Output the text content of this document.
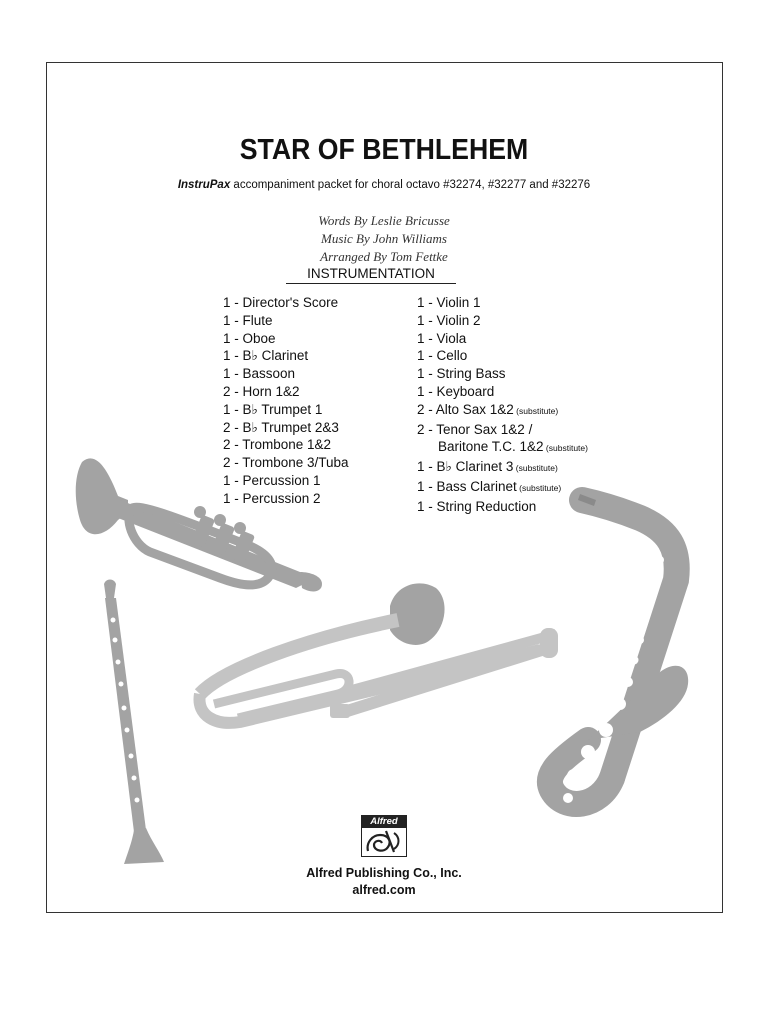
STAR OF BETHLEHEM
InstruPax accompaniment packet for choral octavo #32274, #32277 and #32276
Words By Leslie Bricusse
Music By John Williams
Arranged By Tom Fettke
INSTRUMENTATION
1 - Director's Score
1 - Flute
1 - Oboe
1 - B♭ Clarinet
1 - Bassoon
2 - Horn 1&2
1 - B♭ Trumpet 1
2 - B♭ Trumpet 2&3
2 - Trombone 1&2
2 - Trombone 3/Tuba
1 - Percussion 1
1 - Percussion 2
1 - Violin 1
1 - Violin 2
1 - Viola
1 - Cello
1 - String Bass
1 - Keyboard
2 - Alto Sax 1&2 (substitute)
2 - Tenor Sax 1&2 /
Baritone T.C. 1&2 (substitute)
1 - B♭ Clarinet 3 (substitute)
1 - Bass Clarinet (substitute)
1 - String Reduction
Alfred
Alfred Publishing Co., Inc.
alfred.com
